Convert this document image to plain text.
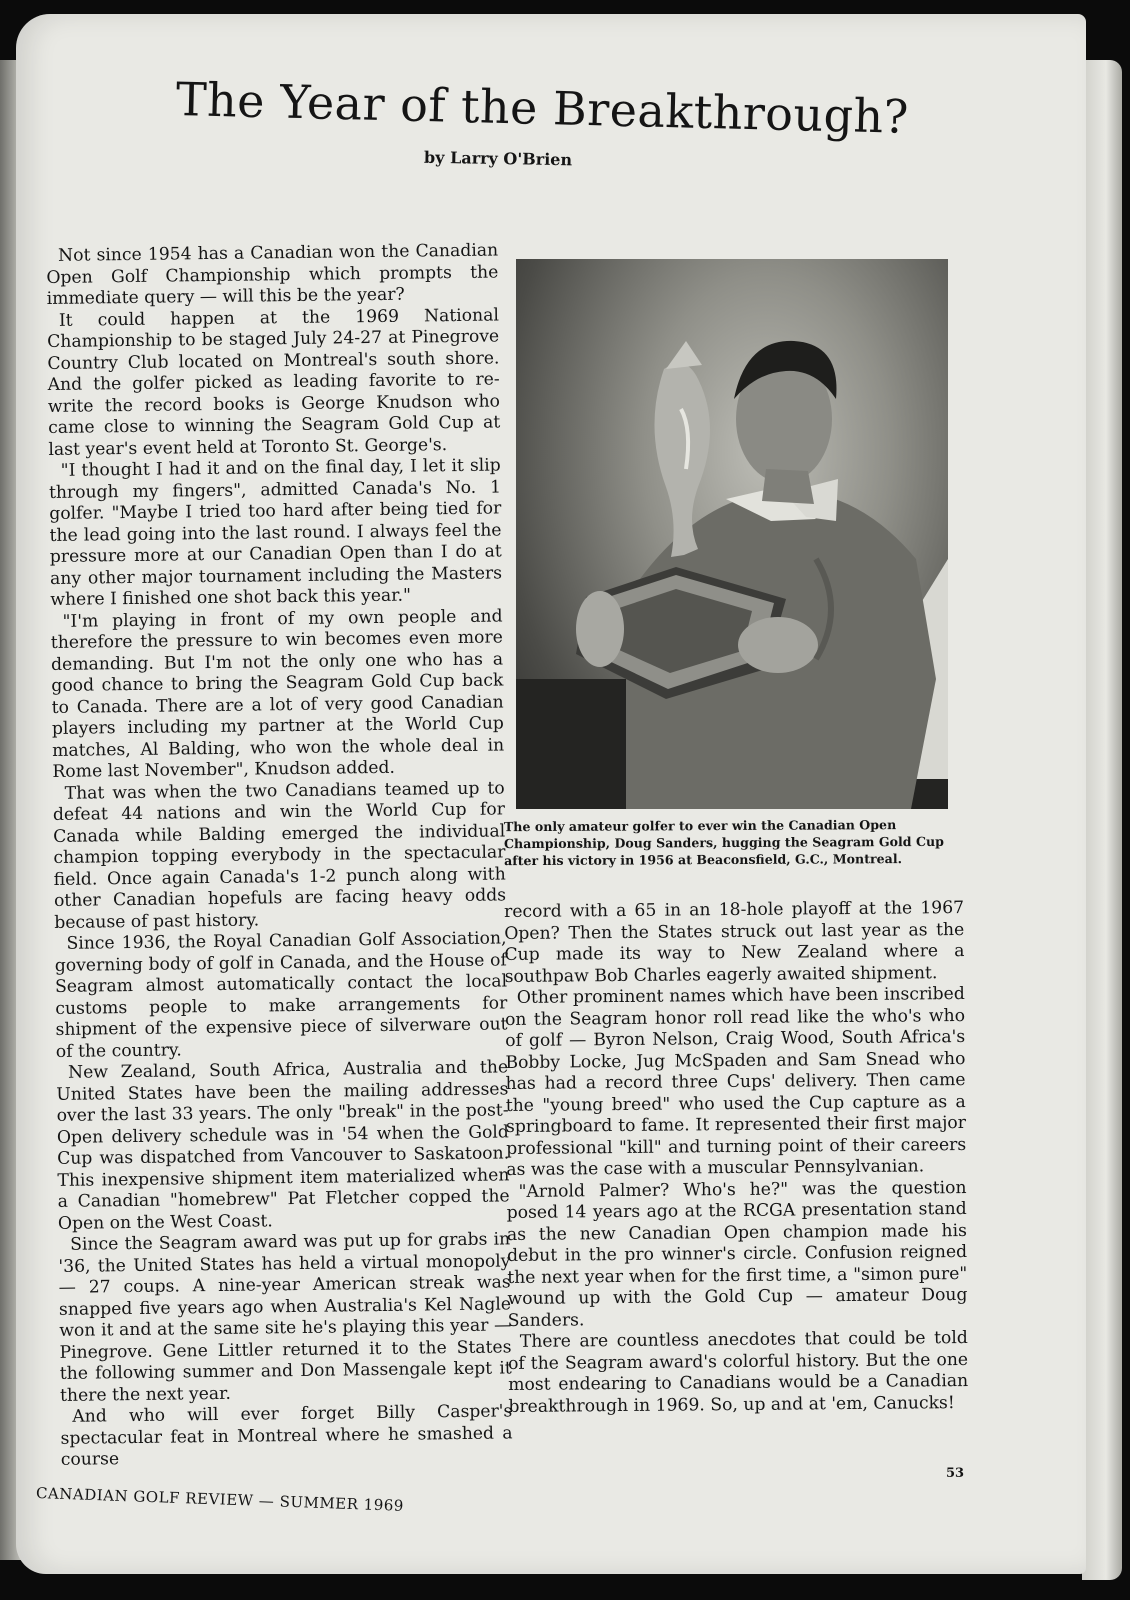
The Year of the Breakthrough?
by Larry O'Brien

Not since 1954 has a Canadian won the Canadian Open Golf Championship which prompts the immediate query — will this be the year?

It could happen at the 1969 National Championship to be staged July 24-27 at Pinegrove Country Club located on Montreal's south shore. And the golfer picked as leading favorite to re-write the record books is George Knudson who came close to winning the Seagram Gold Cup at last year's event held at Toronto St. George's.

"I thought I had it and on the final day, I let it slip through my fingers", admitted Canada's No. 1 golfer. "Maybe I tried too hard after being tied for the lead going into the last round. I always feel the pressure more at our Canadian Open than I do at any other major tournament including the Masters where I finished one shot back this year."

"I'm playing in front of my own people and therefore the pressure to win becomes even more demanding. But I'm not the only one who has a good chance to bring the Seagram Gold Cup back to Canada. There are a lot of very good Canadian players including my partner at the World Cup matches, Al Balding, who won the whole deal in Rome last November", Knudson added.

That was when the two Canadians teamed up to defeat 44 nations and win the World Cup for Canada while Balding emerged the individual champion topping everybody in the spectacular field. Once again Canada's 1-2 punch along with other Canadian hopefuls are facing heavy odds because of past history.

Since 1936, the Royal Canadian Golf Association, governing body of golf in Canada, and the House of Seagram almost automatically contact the local customs people to make arrangements for shipment of the expensive piece of silverware out of the country.

New Zealand, South Africa, Australia and the United States have been the mailing addresses over the last 33 years. The only "break" in the post-Open delivery schedule was in '54 when the Gold Cup was dispatched from Vancouver to Saskatoon. This inexpensive shipment item materialized when a Canadian "homebrew" Pat Fletcher copped the Open on the West Coast.

Since the Seagram award was put up for grabs in '36, the United States has held a virtual monopoly — 27 coups. A nine-year American streak was snapped five years ago when Australia's Kel Nagle won it and at the same site he's playing this year — Pinegrove. Gene Littler returned it to the States the following summer and Don Massengale kept it there the next year.

And who will ever forget Billy Casper's spectacular feat in Montreal where he smashed a course

The only amateur golfer to ever win the Canadian Open Championship, Doug Sanders, hugging the Seagram Gold Cup after his victory in 1956 at Beaconsfield, G.C., Montreal.

record with a 65 in an 18-hole playoff at the 1967 Open? Then the States struck out last year as the Cup made its way to New Zealand where a southpaw Bob Charles eagerly awaited shipment.

Other prominent names which have been inscribed on the Seagram honor roll read like the who's who of golf — Byron Nelson, Craig Wood, South Africa's Bobby Locke, Jug McSpaden and Sam Snead who has had a record three Cups' delivery. Then came the "young breed" who used the Cup capture as a springboard to fame. It represented their first major professional "kill" and turning point of their careers as was the case with a muscular Pennsylvanian.

"Arnold Palmer? Who's he?" was the question posed 14 years ago at the RCGA presentation stand as the new Canadian Open champion made his debut in the pro winner's circle. Confusion reigned the next year when for the first time, a "simon pure" wound up with the Gold Cup — amateur Doug Sanders.

There are countless anecdotes that could be told of the Seagram award's colorful history. But the one most endearing to Canadians would be a Canadian breakthrough in 1969. So, up and at 'em, Canucks!

CANADIAN GOLF REVIEW — SUMMER 1969
53
